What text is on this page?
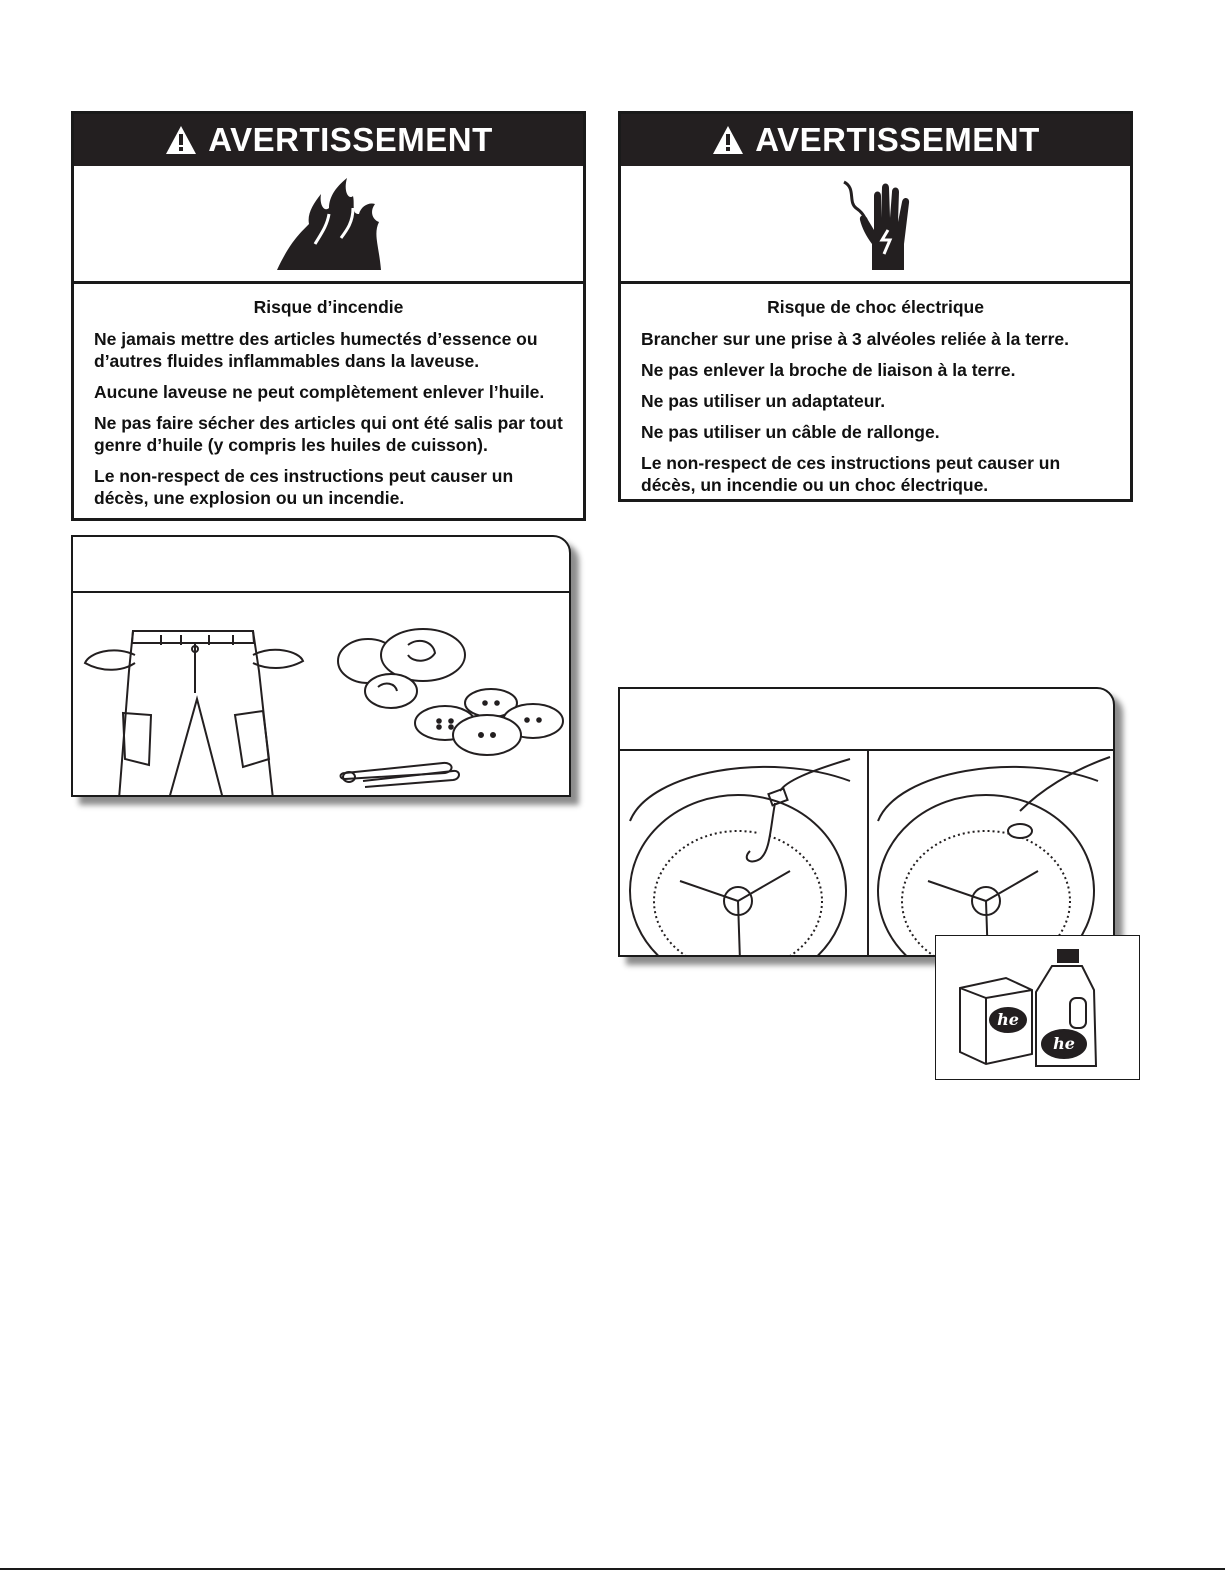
AVERTISSEMENT
Risque d’incendie

Ne jamais mettre des articles humectés d’essence ou d’autres fluides inflammables dans la laveuse.

Aucune laveuse ne peut complètement enlever l’huile.

Ne pas faire sécher des articles qui ont été salis par tout genre d’huile (y compris les huiles de cuisson).

Le non-respect de ces instructions peut causer un décès, une explosion ou un incendie.

AVERTISSEMENT
Risque de choc électrique

Brancher sur une prise à 3 alvéoles reliée à la terre.

Ne pas enlever la broche de liaison à la terre.

Ne pas utiliser un adaptateur.

Ne pas utiliser un câble de rallonge.

Le non-respect de ces instructions peut causer un décès, un incendie ou un choc électrique.

he
he
